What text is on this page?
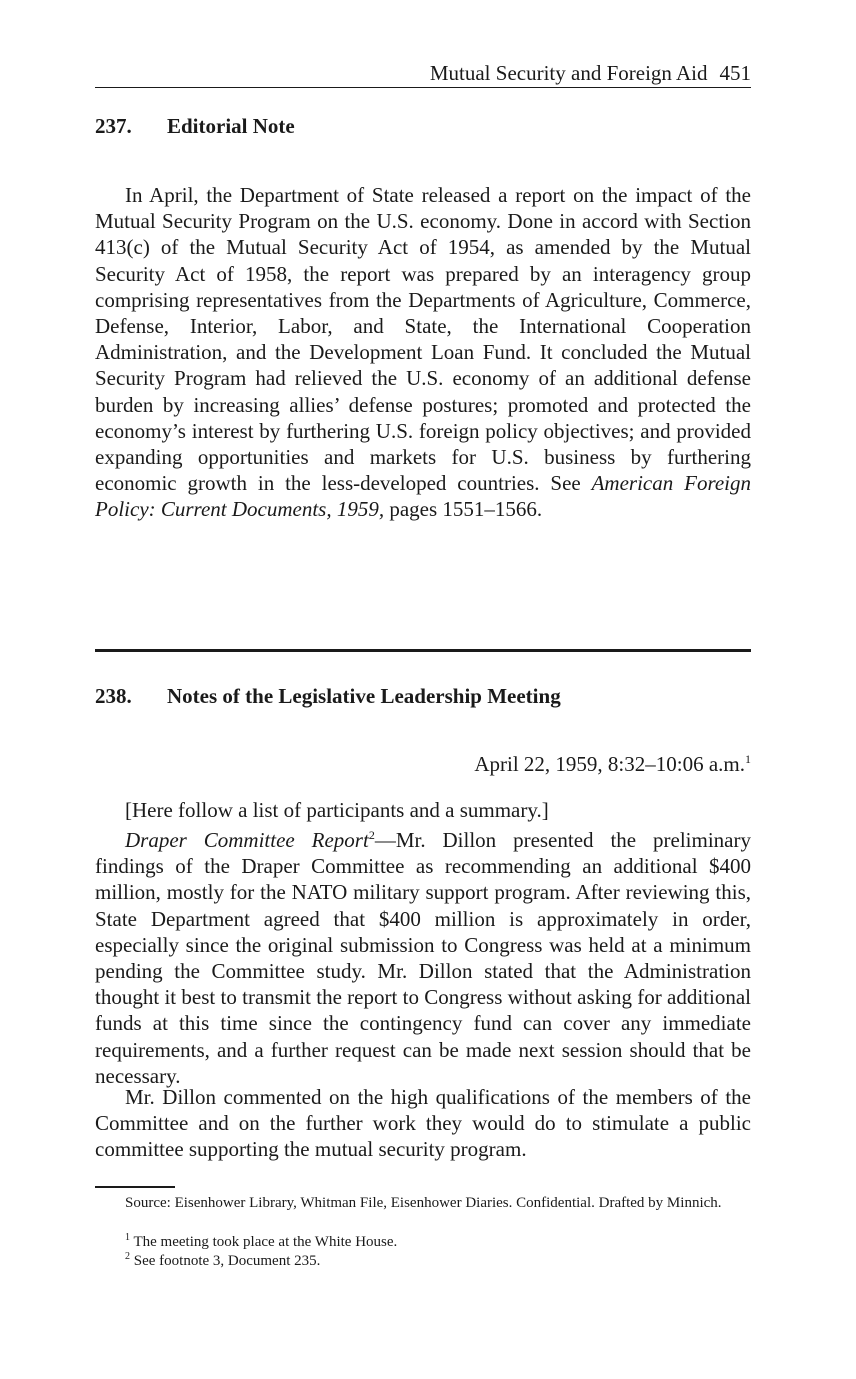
Mutual Security and Foreign Aid 451
237. Editorial Note

In April, the Department of State released a report on the impact of the Mutual Security Program on the U.S. economy. Done in accord with Section 413(c) of the Mutual Security Act of 1954, as amended by the Mutual Security Act of 1958, the report was prepared by an interagency group comprising representatives from the Departments of Agriculture, Commerce, Defense, Interior, Labor, and State, the International Cooperation Administration, and the Development Loan Fund. It concluded the Mutual Security Program had relieved the U.S. economy of an additional defense burden by increasing allies’ defense postures; promoted and protected the economy’s interest by furthering U.S. foreign policy objectives; and provided expanding opportunities and markets for U.S. business by furthering economic growth in the less-developed countries. See American Foreign Policy: Current Documents, 1959, pages 1551–1566.

238. Notes of the Legislative Leadership Meeting
April 22, 1959, 8:32–10:06 a.m.$^1$

[Here follow a list of participants and a summary.]

Draper Committee Report$^2$—Mr. Dillon presented the preliminary findings of the Draper Committee as recommending an additional $400 million, mostly for the NATO military support program. After reviewing this, State Department agreed that $400 million is approximately in order, especially since the original submission to Congress was held at a minimum pending the Committee study. Mr. Dillon stated that the Administration thought it best to transmit the report to Congress without asking for additional funds at this time since the contingency fund can cover any immediate requirements, and a further request can be made next session should that be necessary.

Mr. Dillon commented on the high qualifications of the members of the Committee and on the further work they would do to stimulate a public committee supporting the mutual security program.

Source: Eisenhower Library, Whitman File, Eisenhower Diaries. Confidential. Drafted by Minnich.

$^1$ The meeting took place at the White House.

$^2$ See footnote 3, Document 235.
